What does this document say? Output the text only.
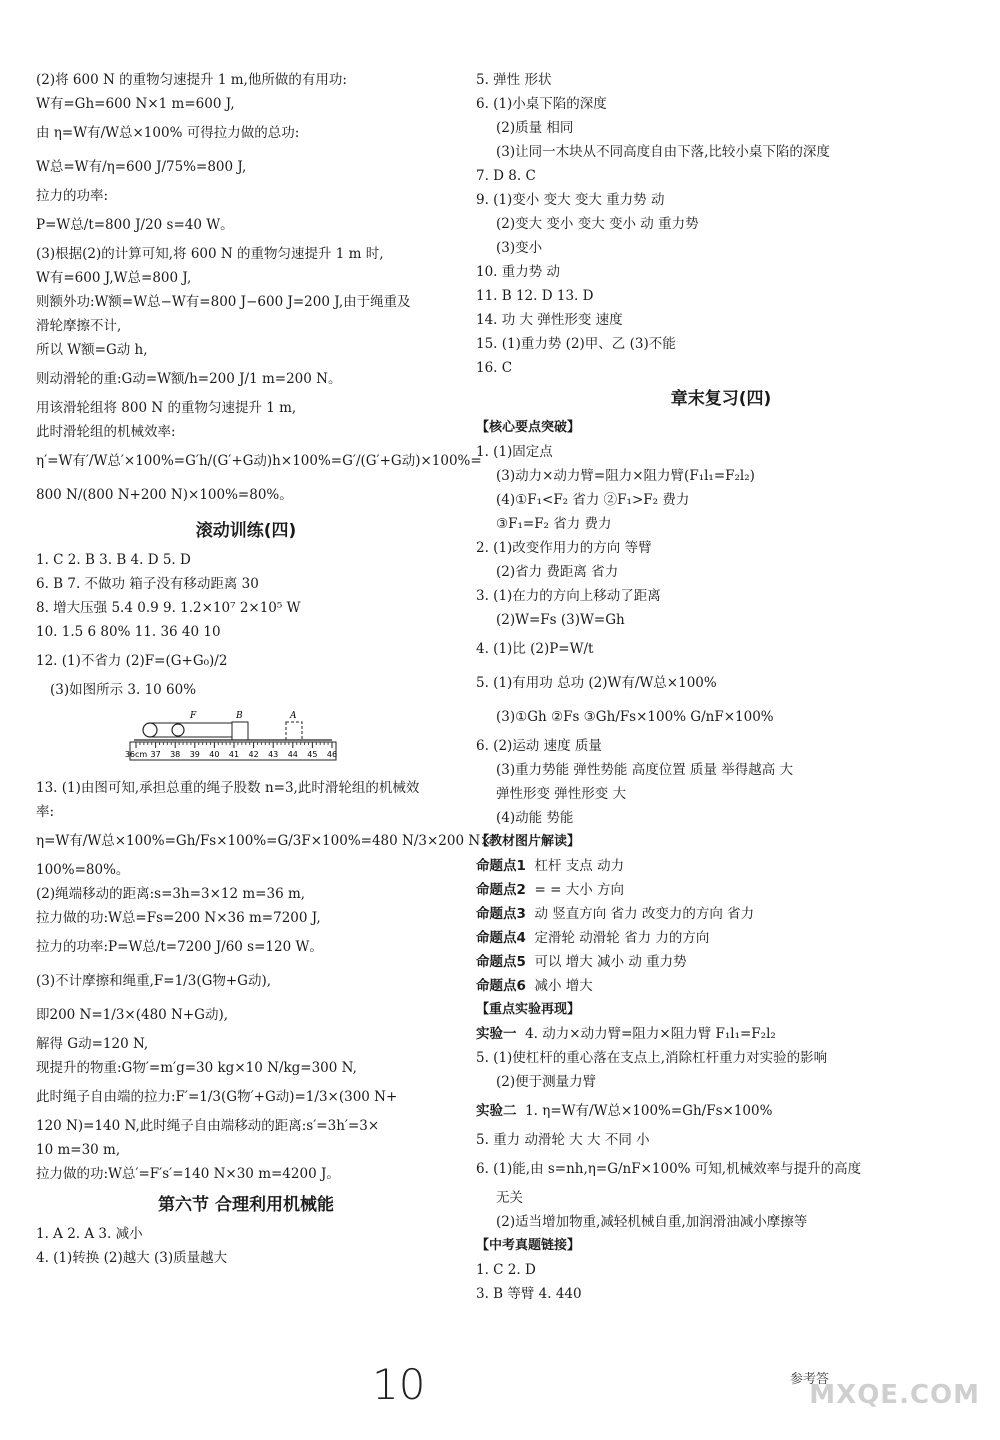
(2)将 600 N 的重物匀速提升 1 m,他所做的有用功:
W有=Gh=600 N×1 m=600 J,
由 η=W有/W总×100% 可得拉力做的总功:
W总=W有/η=600 J/75%=800 J,
拉力的功率:
P=W总/t=800 J/20 s=40 W。
(3)根据(2)的计算可知,将 600 N 的重物匀速提升 1 m 时,
W有=600 J,W总=800 J,
则额外功:W额=W总−W有=800 J−600 J=200 J,由于绳重及
滑轮摩擦不计,
所以 W额=G动 h,
则动滑轮的重:G动=W额/h=200 J/1 m=200 N。
用该滑轮组将 800 N 的重物匀速提升 1 m,
此时滑轮组的机械效率:
η′=W有′/W总′×100%=G′h/(G′+G动)h×100%=G′/(G′+G动)×100%=
800 N/(800 N+200 N)×100%=80%。
滚动训练(四)
1. C 2. B 3. B 4. D 5. D
6. B 7. 不做功 箱子没有移动距离 30
8. 增大压强 5.4 0.9 9. 1.2×10⁷ 2×10⁵ W
10. 1.5 6 80% 11. 36 40 10
12. (1)不省力 (2)F=(G+G₀)/2
(3)如图所示 3. 10 60%
F	B	A
36cm 37 38 39 40 41 42 43 44 45 46
13. (1)由图可知,承担总重的绳子股数 n=3,此时滑轮组的机械效
率:
η=W有/W总×100%=Gh/Fs×100%=G/3F×100%=480 N/3×200 N×
100%=80%。
(2)绳端移动的距离:s=3h=3×12 m=36 m,
拉力做的功:W总=Fs=200 N×36 m=7200 J,
拉力的功率:P=W总/t=7200 J/60 s=120 W。
(3)不计摩擦和绳重,F=1/3(G物+G动),
即200 N=1/3×(480 N+G动),
解得 G动=120 N,
现提升的物重:G物′=m′g=30 kg×10 N/kg=300 N,
此时绳子自由端的拉力:F′=1/3(G物′+G动)=1/3×(300 N+
120 N)=140 N,此时绳子自由端移动的距离:s′=3h′=3×
10 m=30 m,
拉力做的功:W总′=F′s′=140 N×30 m=4200 J。
第六节 合理利用机械能
1. A 2. A 3. 减小
4. (1)转换 (2)越大 (3)质量越大
5. 弹性 形状
6. (1)小桌下陷的深度
(2)质量 相同
(3)让同一木块从不同高度自由下落,比较小桌下陷的深度
7. D 8. C
9. (1)变小 变大 变大 重力势 动
(2)变大 变小 变大 变小 动 重力势
(3)变小
10. 重力势 动
11. B 12. D 13. D
14. 功 大 弹性形变 速度
15. (1)重力势 (2)甲、乙 (3)不能
16. C
章末复习(四)
【核心要点突破】
1. (1)固定点
(3)动力×动力臂=阻力×阻力臂(F₁l₁=F₂l₂)
(4)①F₁<F₂ 省力 ②F₁>F₂ 费力
③F₁=F₂ 省力 费力
2. (1)改变作用力的方向 等臂
(2)省力 费距离 省力
3. (1)在力的方向上移动了距离
(2)W=Fs (3)W=Gh
4. (1)比 (2)P=W/t
5. (1)有用功 总功 (2)W有/W总×100%
(3)①Gh ②Fs ③Gh/Fs×100% G/nF×100%
6. (2)运动 速度 质量
(3)重力势能 弹性势能 高度位置 质量 举得越高 大
弹性形变 弹性形变 大
(4)动能 势能
【教材图片解读】
命题点1 杠杆 支点 动力
命题点2 = = 大小 方向
命题点3 动 竖直方向 省力 改变力的方向 省力
命题点4 定滑轮 动滑轮 省力 力的方向
命题点5 可以 增大 减小 动 重力势
命题点6 减小 增大
【重点实验再现】
实验一 4. 动力×动力臂=阻力×阻力臂 F₁l₁=F₂l₂
5. (1)使杠杆的重心落在支点上,消除杠杆重力对实验的影响
(2)便于测量力臂
实验二 1. η=W有/W总×100%=Gh/Fs×100%
5. 重力 动滑轮 大 大 不同 小
6. (1)能,由 s=nh,η=G/nF×100% 可知,机械效率与提升的高度
无关
(2)适当增加物重,减轻机械自重,加润滑油减小摩擦等
【中考真题链接】
1. C 2. D
3. B 等臂 4. 440
10	参考答
MXQE.COM
